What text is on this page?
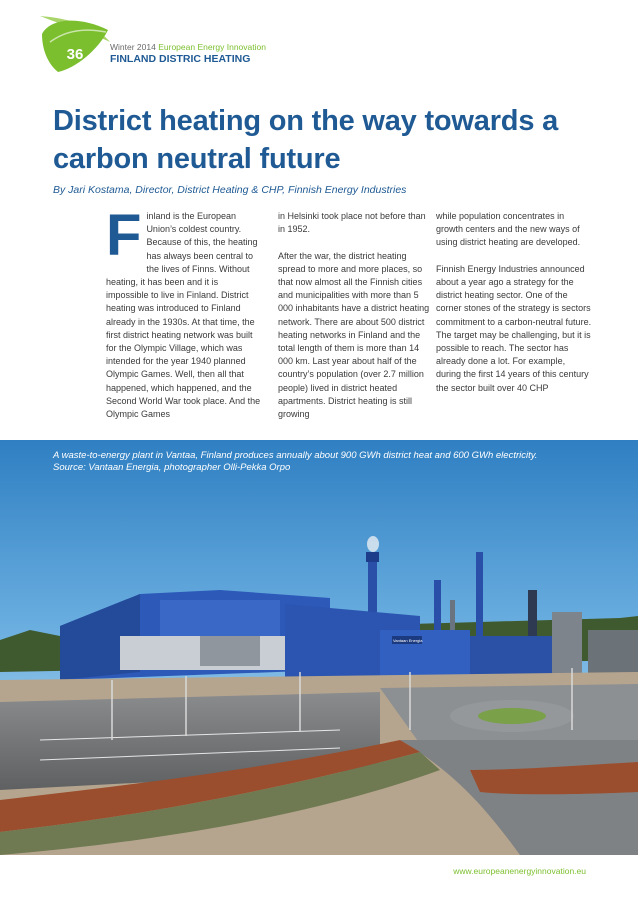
36	Winter 2014 European Energy Innovation
FINLAND DISTRIC HEATING
District heating on the way towards a carbon neutral future
By Jari Kostama, Director, District Heating & CHP, Finnish Energy Industries
F inland is the European Union’s coldest country. Because of this, the heating has always been central to the lives of Finns. Without heating, it has been and it is impossible to live in Finland. District heating was introduced to Finland already in the 1930s. At that time, the first district heating network was built for the Olympic Village, which was intended for the year 1940 planned Olympic Games. Well, then all that happened, which happened, and the Second World War took place. And the Olympic Games

in Helsinki took place not before than in 1952.

After the war, the district heating spread to more and more places, so that now almost all the Finnish cities and municipalities with more than 5 000 inhabitants have a district heating network. There are about 500 district heating networks in Finland and the total length of them is more than 14 000 km. Last year about half of the country’s population (over 2.7 million people) lived in district heated apartments. District heating is still growing

while population concentrates in growth centers and the new ways of using district heating are developed.

Finnish Energy Industries announced about a year ago a strategy for the district heating sector. One of the corner stones of the strategy is sectors commitment to a carbon-neutral future. The target may be challenging, but it is possible to reach. The sector has already done a lot. For example, during the first 14 years of this century the sector built over 40 CHP

Vantaan Energia
A waste-to-energy plant in Vantaa, Finland produces annually about 900 GWh district heat and 600 GWh electricity.
Source: Vantaan Energia, photographer Olli-Pekka Orpo
www.europeanenergyinnovation.eu
